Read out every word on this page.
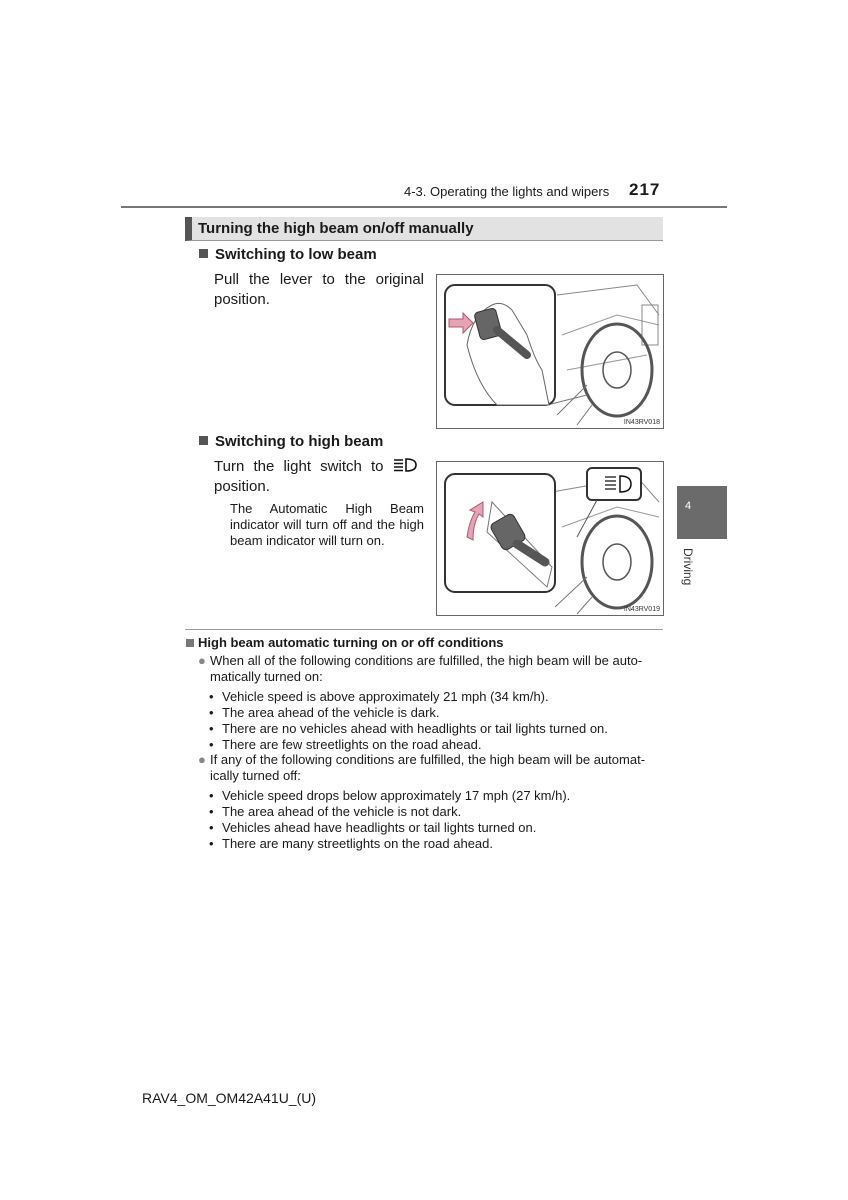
4-3. Operating the lights and wipers 217
Turning the high beam on/off manually
Switching to low beam
Pull the lever to the original position.
IN43RV018
Switching to high beam
Turn the light switch to
position.
The Automatic High Beam indicator will turn off and the high beam indicator will turn on.
IN43RV019
4
Driving
High beam automatic turning on or off conditions
● When all of the following conditions are fulfilled, the high beam will be auto-
matically turned on:
• Vehicle speed is above approximately 21 mph (34 km/h).
• The area ahead of the vehicle is dark.
• There are no vehicles ahead with headlights or tail lights turned on.
• There are few streetlights on the road ahead.
● If any of the following conditions are fulfilled, the high beam will be automat-
ically turned off:
• Vehicle speed drops below approximately 17 mph (27 km/h).
• The area ahead of the vehicle is not dark.
• Vehicles ahead have headlights or tail lights turned on.
• There are many streetlights on the road ahead.
RAV4_OM_OM42A41U_(U)
